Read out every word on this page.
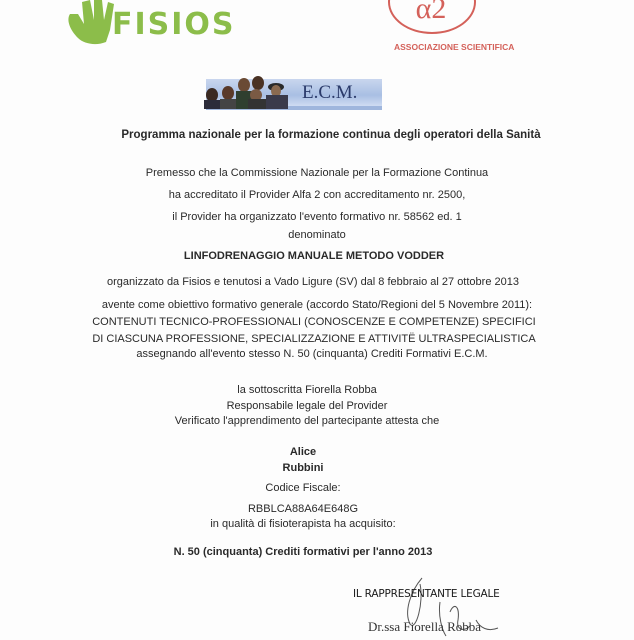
FISIOS	α2
ASSOCIAZIONE SCIENTIFICA
E.C.M.
Programma nazionale per la formazione continua degli operatori della Sanità
Premesso che la Commissione Nazionale per la Formazione Continua
ha accreditato il Provider Alfa 2 con accreditamento nr. 2500,
il Provider ha organizzato l'evento formativo nr. 58562 ed. 1
denominato
LINFODRENAGGIO MANUALE METODO VODDER
organizzato da Fisios e tenutosi a Vado Ligure (SV) dal 8 febbraio al 27 ottobre 2013
avente come obiettivo formativo generale (accordo Stato/Regioni del 5 Novembre 2011):
CONTENUTI TECNICO-PROFESSIONALI (CONOSCENZE E COMPETENZE) SPECIFICI
DI CIASCUNA PROFESSIONE, SPECIALIZZAZIONE E ATTIVITË ULTRASPECIALISTICA
assegnando all'evento stesso N. 50 (cinquanta) Crediti Formativi E.C.M.
la sottoscritta Fiorella Robba
Responsabile legale del Provider
Verificato l'apprendimento del partecipante attesta che
Alice
Rubbini
Codice Fiscale:
RBBLCA88A64E648G
in qualità di fisioterapista ha acquisito:
N. 50 (cinquanta) Crediti formativi per l'anno 2013
IL RAPPRESENTANTE LEGALE
Dr.ssa Fiorella Robba
